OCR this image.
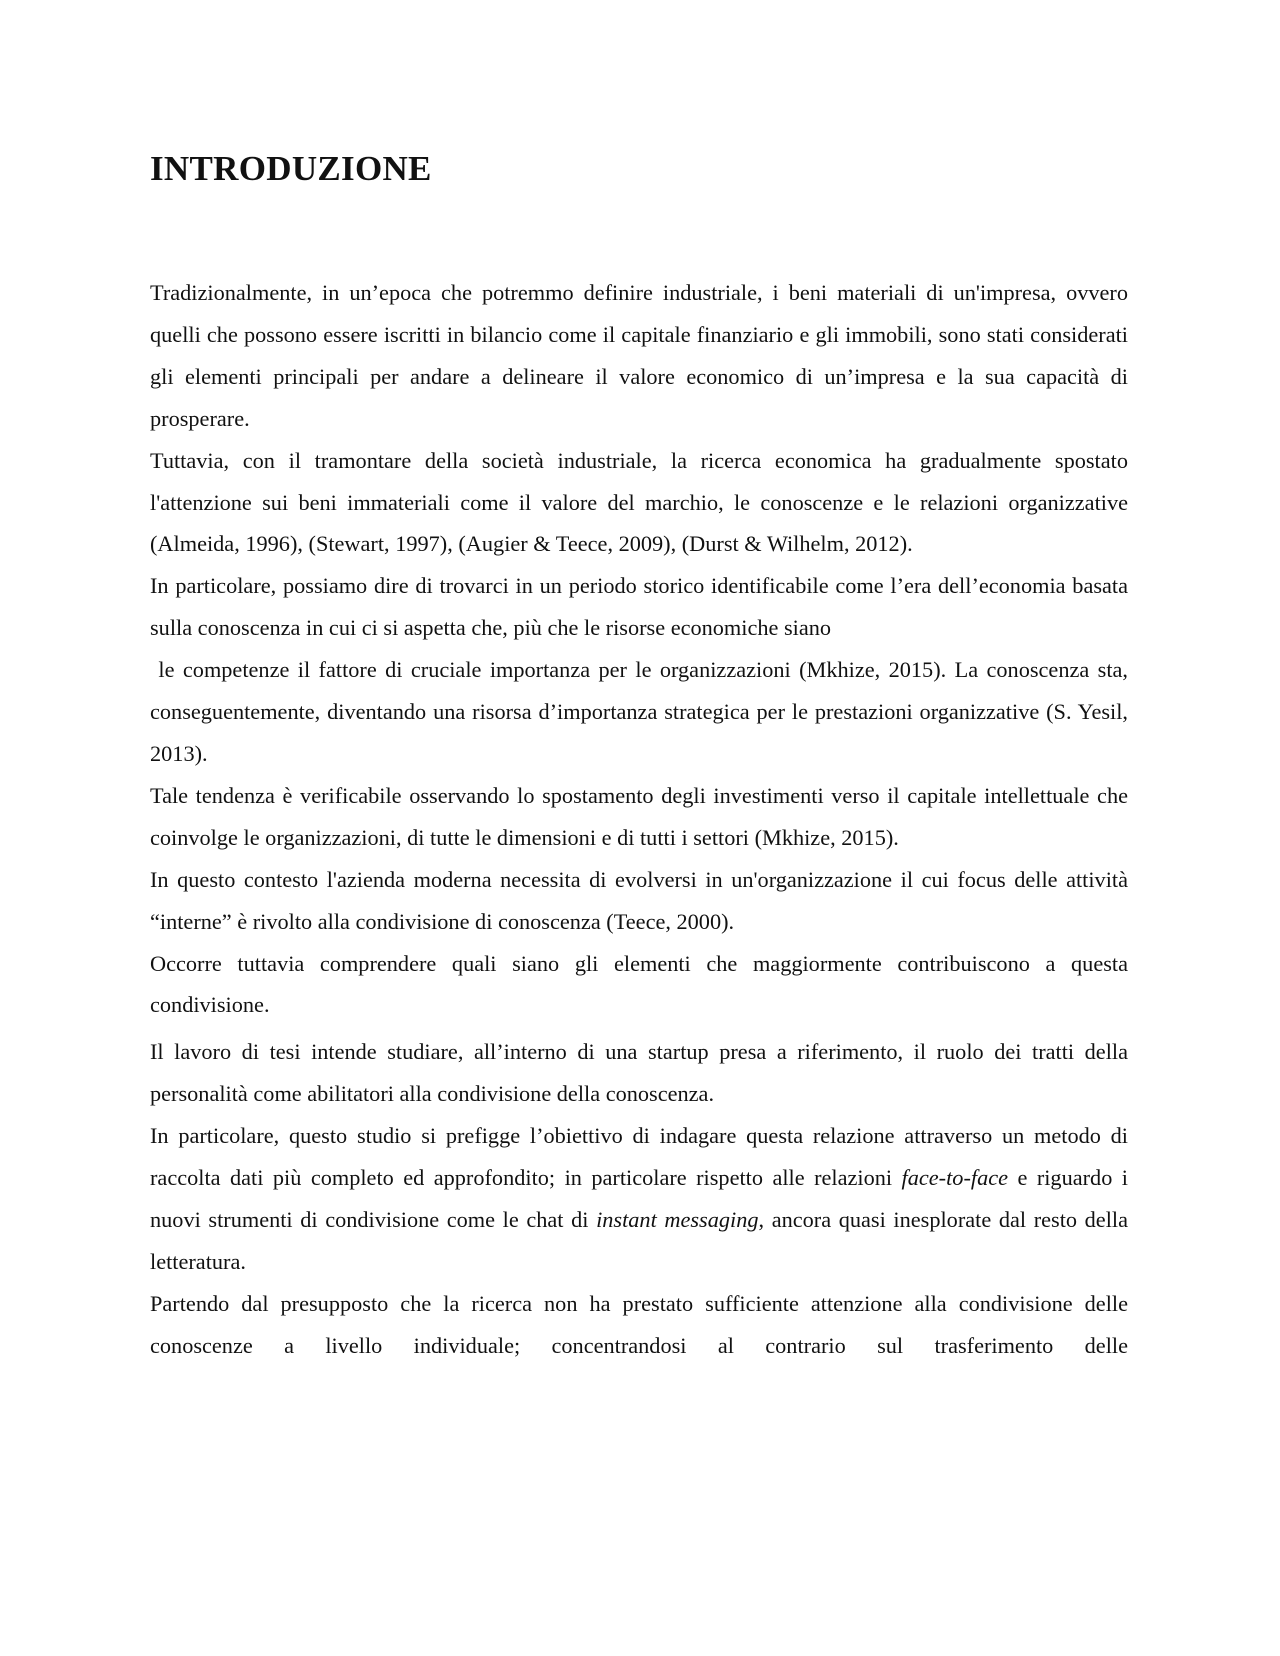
INTRODUZIONE

Tradizionalmente, in un’epoca che potremmo definire industriale, i beni materiali di un'impresa, ovvero quelli che possono essere iscritti in bilancio come il capitale finanziario e gli immobili, sono stati considerati gli elementi principali per andare a delineare il valore economico di un’impresa e la sua capacità di prosperare.

Tuttavia, con il tramontare della società industriale, la ricerca economica ha gradualmente spostato l'attenzione sui beni immateriali come il valore del marchio, le conoscenze e le relazioni organizzative (Almeida, 1996), (Stewart, 1997), (Augier & Teece, 2009), (Durst & Wilhelm, 2012).

In particolare, possiamo dire di trovarci in un periodo storico identificabile come l’era dell’economia basata sulla conoscenza in cui ci si aspetta che, più che le risorse economiche siano

le competenze il fattore di cruciale importanza per le organizzazioni (Mkhize, 2015). La conoscenza sta, conseguentemente, diventando una risorsa d’importanza strategica per le prestazioni organizzative (S. Yesil, 2013).

Tale tendenza è verificabile osservando lo spostamento degli investimenti verso il capitale intellettuale che coinvolge le organizzazioni, di tutte le dimensioni e di tutti i settori (Mkhize, 2015).

In questo contesto l'azienda moderna necessita di evolversi in un'organizzazione il cui focus delle attività “interne” è rivolto alla condivisione di conoscenza (Teece, 2000).

Occorre tuttavia comprendere quali siano gli elementi che maggiormente contribuiscono a questa condivisione.

Il lavoro di tesi intende studiare, all’interno di una startup presa a riferimento, il ruolo dei tratti della personalità come abilitatori alla condivisione della conoscenza.

In particolare, questo studio si prefigge l’obiettivo di indagare questa relazione attraverso un metodo di raccolta dati più completo ed approfondito; in particolare rispetto alle relazioni face-to-face e riguardo i nuovi strumenti di condivisione come le chat di instant messaging, ancora quasi inesplorate dal resto della letteratura.

Partendo dal presupposto che la ricerca non ha prestato sufficiente attenzione alla condivisione delle conoscenze a livello individuale; concentrandosi al contrario sul trasferimento delle
